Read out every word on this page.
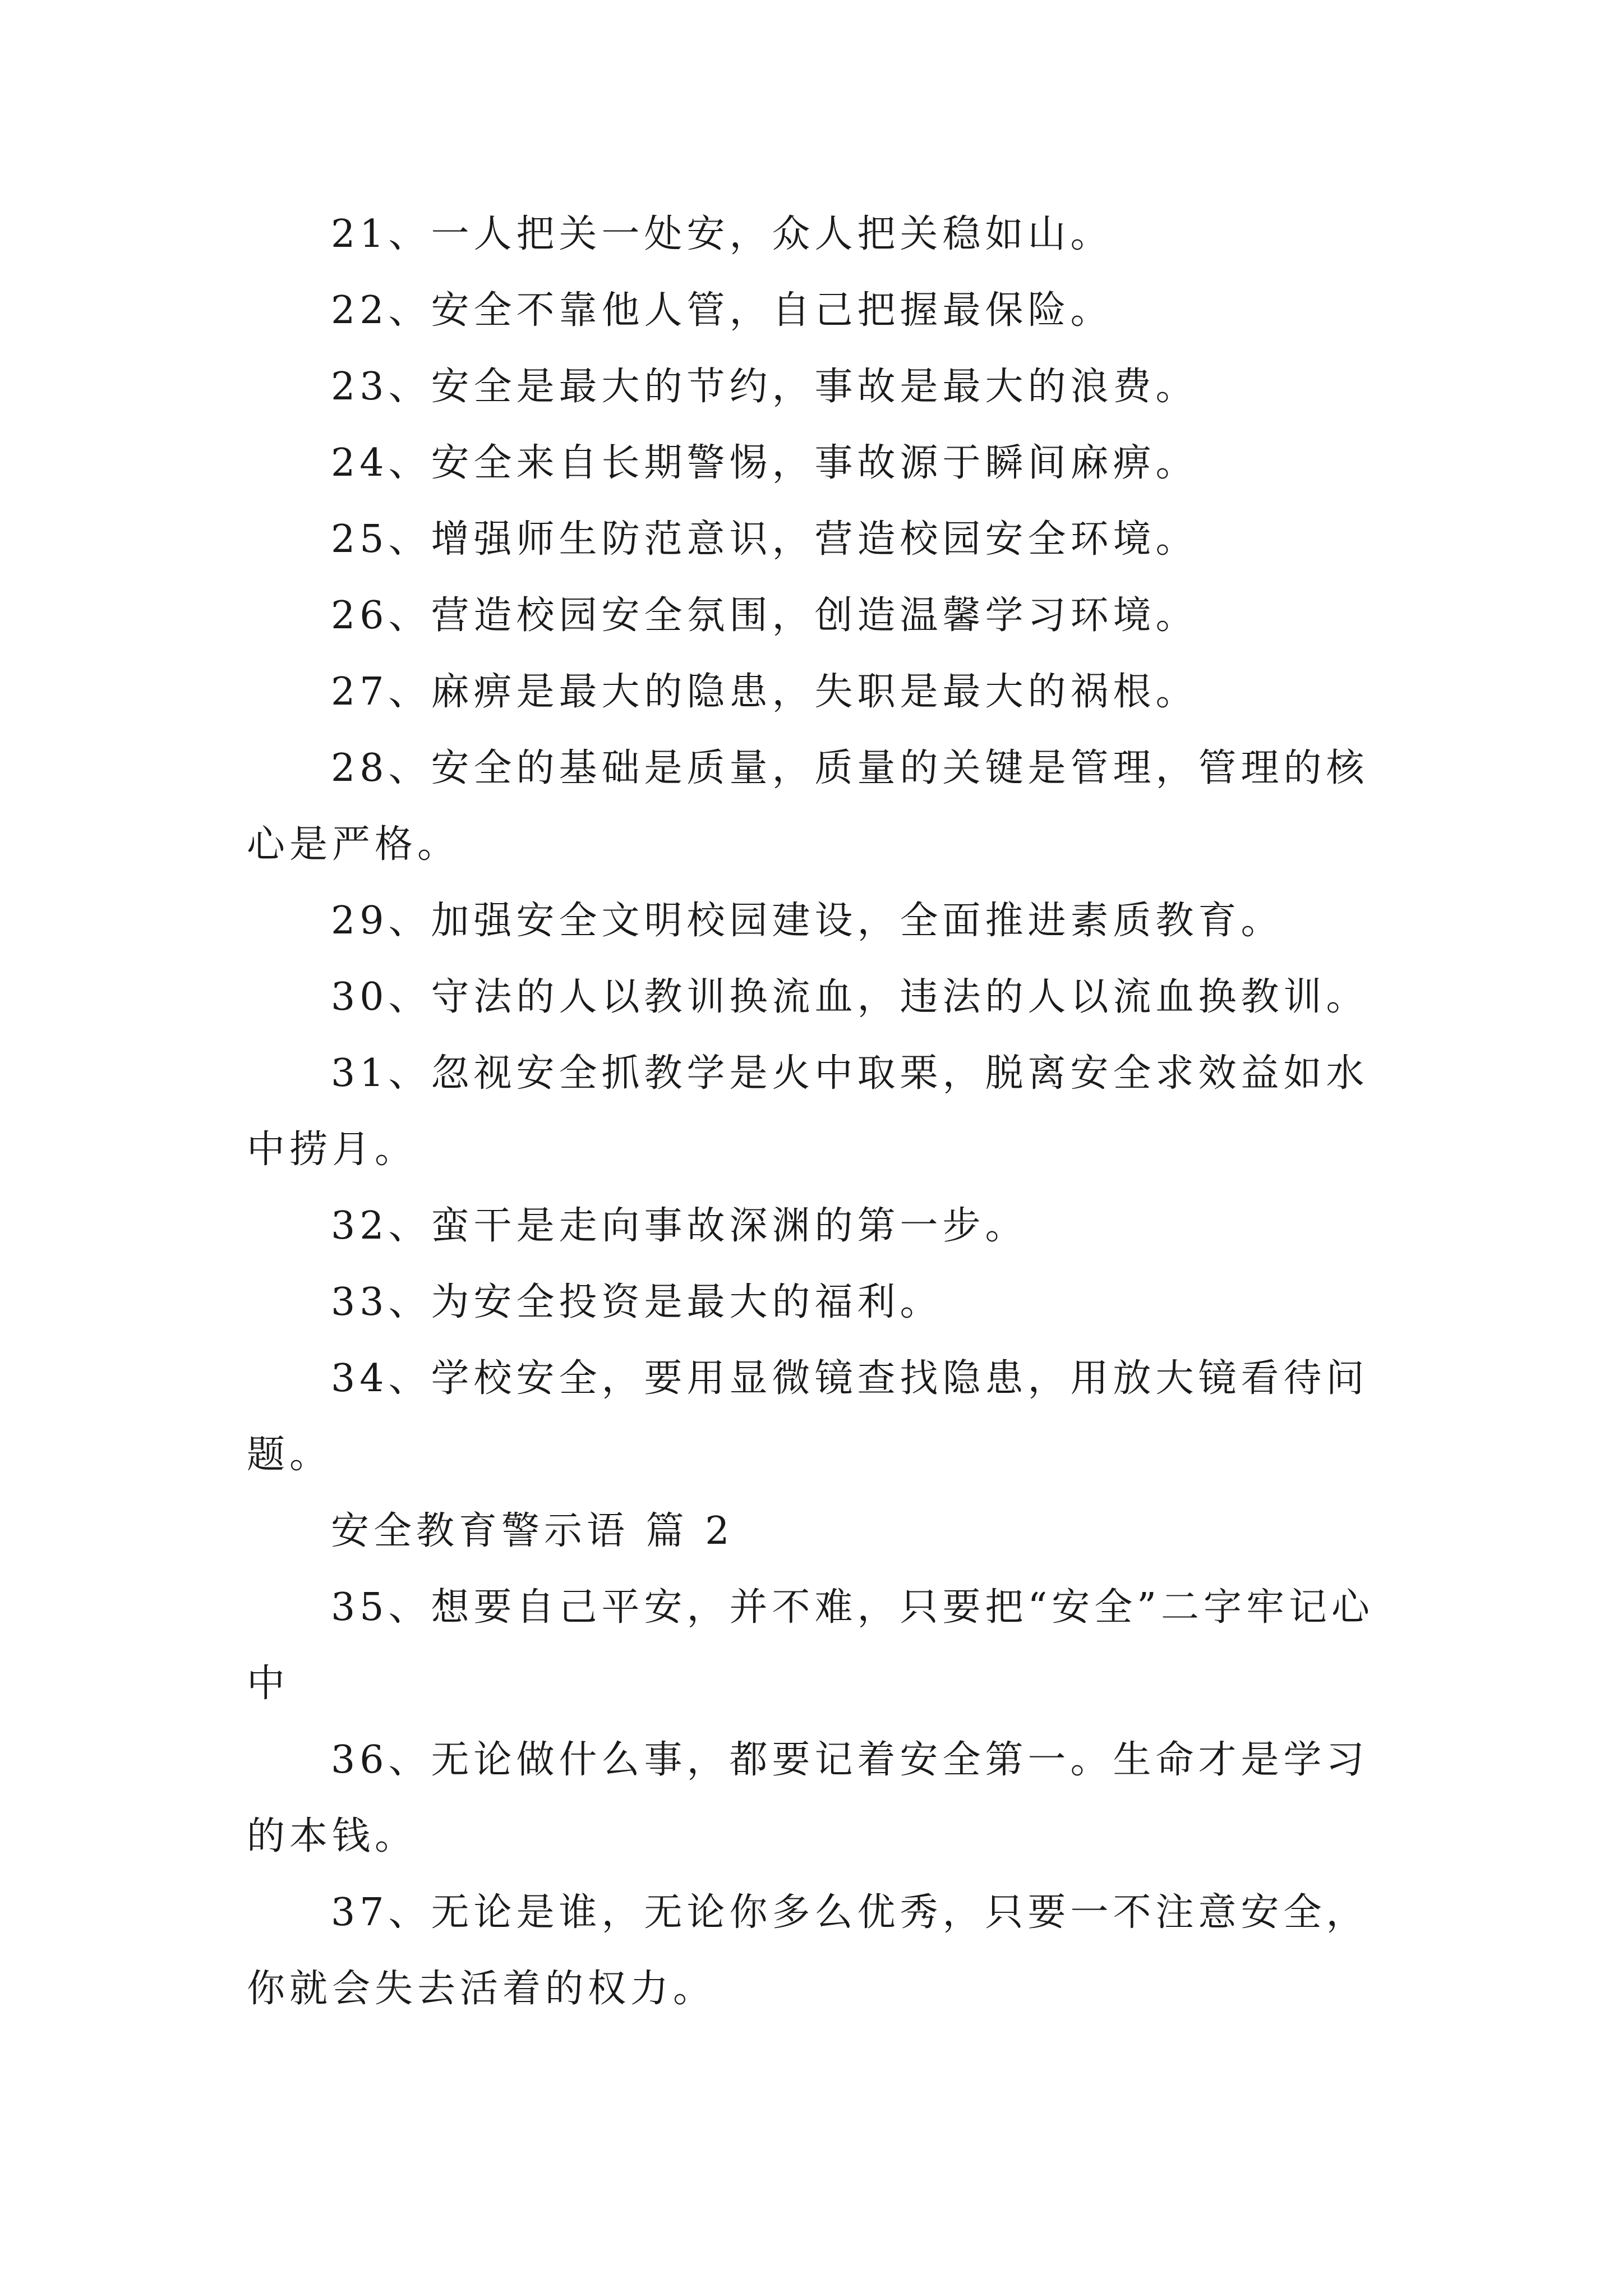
21、一人把关一处安，众人把关稳如山。

22、安全不靠他人管，自己把握最保险。

23、安全是最大的节约，事故是最大的浪费。

24、安全来自长期警惕，事故源于瞬间麻痹。

25、增强师生防范意识，营造校园安全环境。

26、营造校园安全氛围，创造温馨学习环境。

27、麻痹是最大的隐患，失职是最大的祸根。

28、安全的基础是质量，质量的关键是管理，管理的核心是严格。

29、加强安全文明校园建设，全面推进素质教育。

30、守法的人以教训换流血，违法的人以流血换教训。

31、忽视安全抓教学是火中取栗，脱离安全求效益如水中捞月。

32、蛮干是走向事故深渊的第一步。

33、为安全投资是最大的福利。

34、学校安全，要用显微镜查找隐患，用放大镜看待问题。

安全教育警示语 篇 2

35、想要自己平安，并不难，只要把“安全”二字牢记心中

36、无论做什么事，都要记着安全第一。生命才是学习的本钱。

37、无论是谁，无论你多么优秀，只要一不注意安全，你就会失去活着的权力。
